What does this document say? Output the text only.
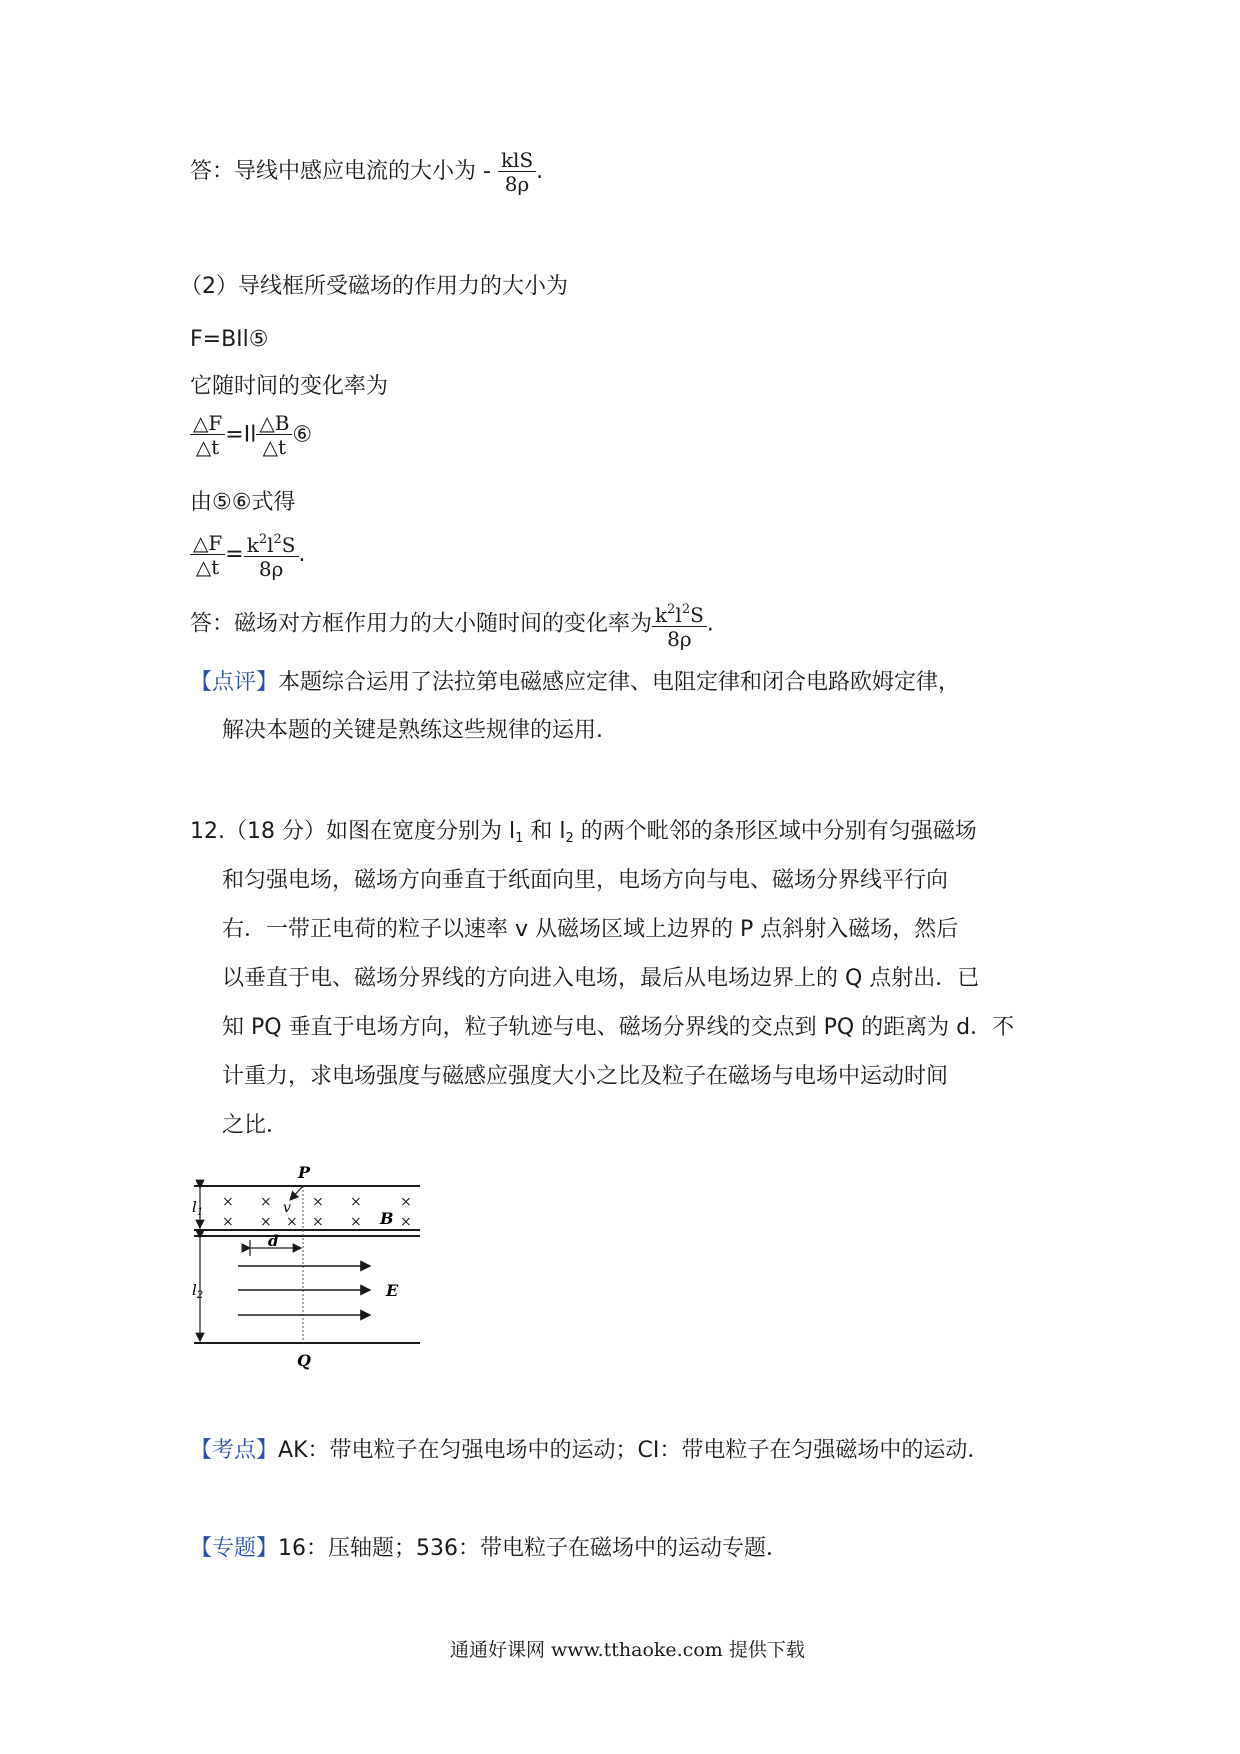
答：导线中感应电流的大小为 - $\frac{\text{klS}}{8\rho}$ .
（2）导线框所受磁场的作用力的大小为
F=BIl⑤
它随时间的变化率为
$\frac{\triangle F}{\triangle t} =Il \frac{\triangle B}{\triangle t}$ ⑥
由⑤⑥式得
$\frac{\triangle F}{\triangle t} = \frac{k^2l^2S}{8\rho}$ .
答：磁场对方框作用力的大小随时间的变化率为 $\frac{k^2l^2S}{8\rho}$ .
【点评】本题综合运用了法拉第电磁感应定律、电阻定律和闭合电路欧姆定律，
解决本题的关键是熟练这些规律的运用.
12.（18 分）如图在宽度分别为 $l_1$ 和 $l_2$ 的两个毗邻的条形区域中分别有匀强磁场
和匀强电场，磁场方向垂直于纸面向里，电场方向与电、磁场分界线平行向
右．一带正电荷的粒子以速率 v 从磁场区域上边界的 P 点斜射入磁场，然后
以垂直于电、磁场分界线的方向进入电场，最后从电场边界上的 Q 点射出．已
知 PQ 垂直于电场方向，粒子轨迹与电、磁场分界线的交点到 PQ 的距离为 d．不
计重力，求电场强度与磁感应强度大小之比及粒子在磁场与电场中运动时间
之比．
$l_1$
$l_2$
× ×	× ×	×
× × × × ×	×
v
P
B
d
E
Q
【考点】AK：带电粒子在匀强电场中的运动；CI：带电粒子在匀强磁场中的运动．
【专题】16：压轴题；536：带电粒子在磁场中的运动专题．
通通好课网 www.tthaoke.com 提供下载
